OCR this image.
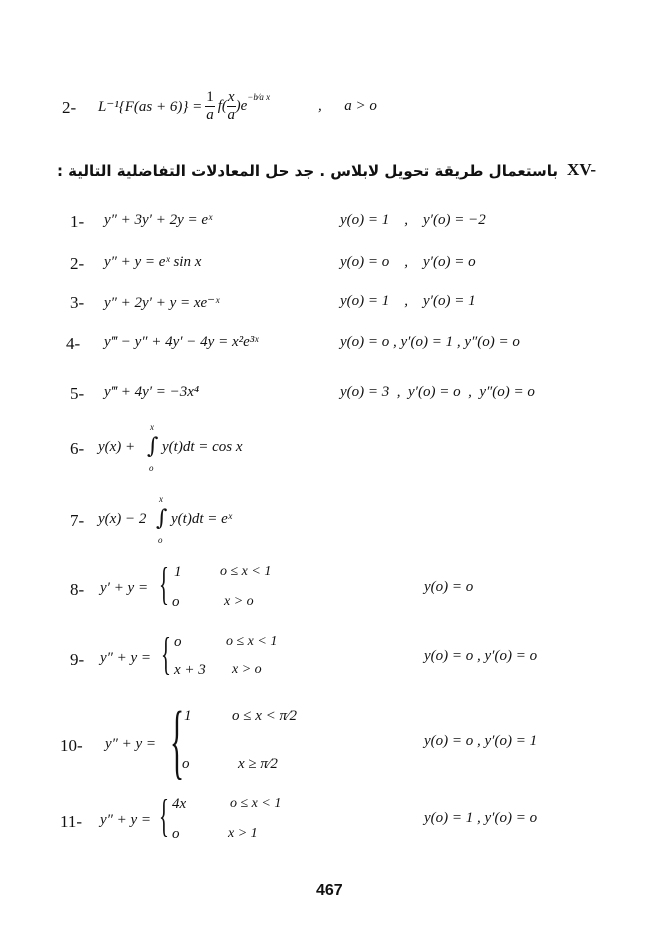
2- $L^{-1}\{F(as + 6)\} = \frac{1}{a} f( \frac{x}{a} )e$
−b⁄a x
,      a > o
XV-
باستعمال طريقة تحويل لابلاس . جد حل المعادلات التفاضلية التالية :
1- y″ + 3y′ + 2y = eˣ	y(o) = 1    ,    y′(o) = −2
2- y″ + y = eˣ sin x	y(o) = o    ,    y′(o) = o
3- y″ + 2y′ + y = xe⁻ˣ	y(o) = 1    ,    y′(o) = 1
4- y‴ − y″ + 4y′ − 4y = x²e³ˣ	y(o) = o , y′(o) = 1 , y″(o) = o
5- y‴ + 4y′ = −3x⁴	y(o) = 3  ,  y′(o) = o  ,  y″(o) = o
6- y(x) +
x
∫
o
y(t)dt = cos x
7- y(x) − 2
x
∫
o
y(t)dt = eˣ
8- y′ + y = { 1	o ≤ x < 1
o	x > o
y(o) = o
9- y″ + y = { o	o ≤ x < 1
x + 3 x > o
y(o) = o , y′(o) = o
10- y″ + y = { 1	o ≤ x < π⁄2
o	x ≥ π⁄2
y(o) = o , y′(o) = 1
11- y″ + y = { 4x	o ≤ x < 1
o	x > 1
y(o) = 1 , y′(o) = o
467
